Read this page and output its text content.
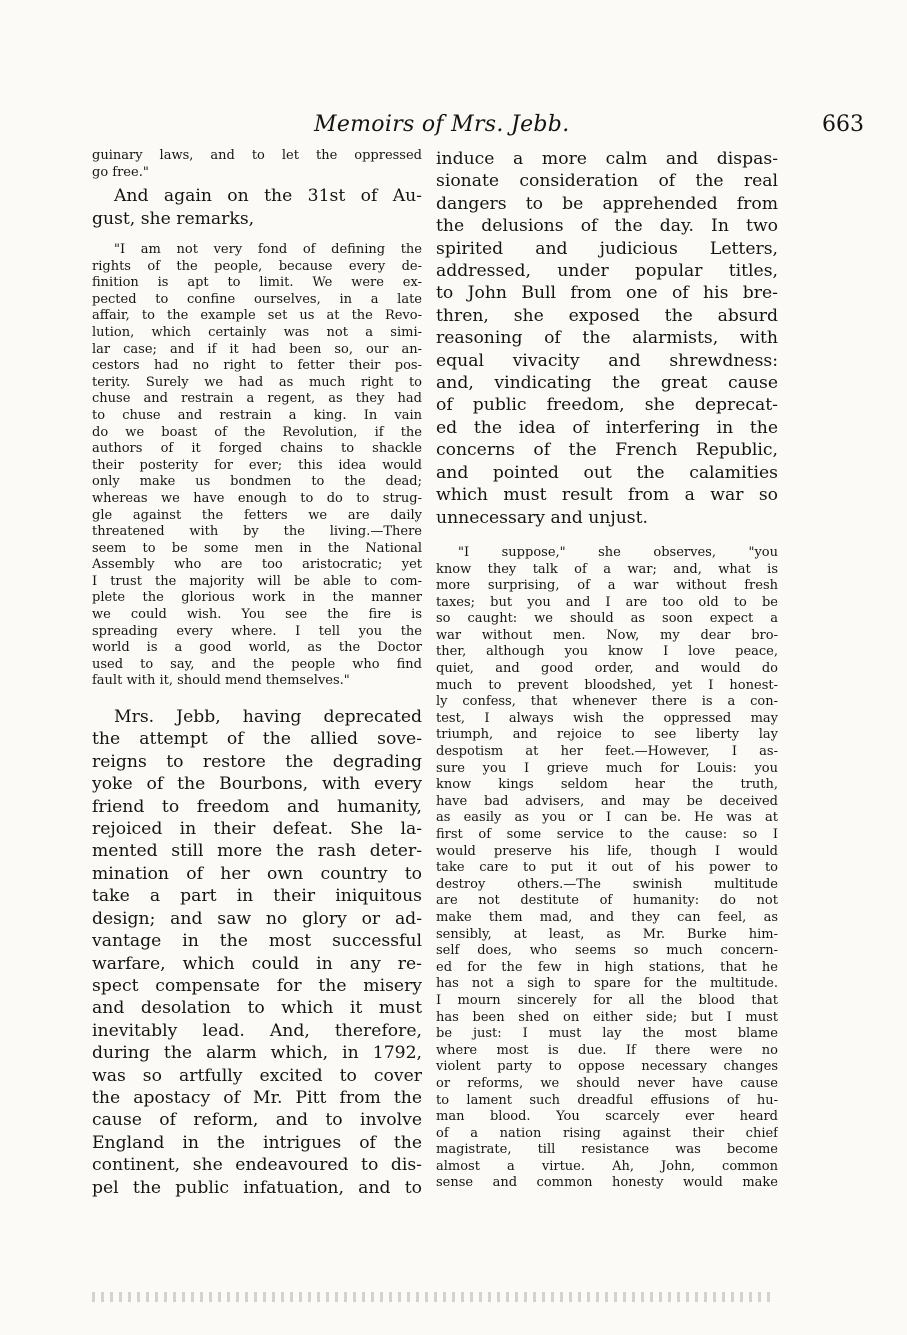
Memoirs of Mrs. Jebb.	663
guinary laws, and to let the oppressed
go free."
And again on the 31st of Au-
gust, she remarks,
"I am not very fond of defining the
rights of the people, because every de-
finition is apt to limit. We were ex-
pected to confine ourselves, in a late
affair, to the example set us at the Revo-
lution, which certainly was not a simi-
lar case; and if it had been so, our an-
cestors had no right to fetter their pos-
terity. Surely we had as much right to
chuse and restrain a regent, as they had
to chuse and restrain a king. In vain
do we boast of the Revolution, if the
authors of it forged chains to shackle
their posterity for ever; this idea would
only make us bondmen to the dead;
whereas we have enough to do to strug-
gle against the fetters we are daily
threatened with by the living.—There
seem to be some men in the National
Assembly who are too aristocratic; yet
I trust the majority will be able to com-
plete the glorious work in the manner
we could wish. You see the fire is
spreading every where. I tell you the
world is a good world, as the Doctor
used to say, and the people who find
fault with it, should mend themselves."
Mrs. Jebb, having deprecated
the attempt of the allied sove-
reigns to restore the degrading
yoke of the Bourbons, with every
friend to freedom and humanity,
rejoiced in their defeat. She la-
mented still more the rash deter-
mination of her own country to
take a part in their iniquitous
design; and saw no glory or ad-
vantage in the most successful
warfare, which could in any re-
spect compensate for the misery
and desolation to which it must
inevitably lead. And, therefore,
during the alarm which, in 1792,
was so artfully excited to cover
the apostacy of Mr. Pitt from the
cause of reform, and to involve
England in the intrigues of the
continent, she endeavoured to dis-
pel the public infatuation, and to
induce a more calm and dispas-
sionate consideration of the real
dangers to be apprehended from
the delusions of the day. In two
spirited and judicious Letters,
addressed, under popular titles,
to John Bull from one of his bre-
thren, she exposed the absurd
reasoning of the alarmists, with
equal vivacity and shrewdness:
and, vindicating the great cause
of public freedom, she deprecat-
ed the idea of interfering in the
concerns of the French Republic,
and pointed out the calamities
which must result from a war so
unnecessary and unjust.
"I suppose," she observes, "you
know they talk of a war; and, what is
more surprising, of a war without fresh
taxes; but you and I are too old to be
so caught: we should as soon expect a
war without men. Now, my dear bro-
ther, although you know I love peace,
quiet, and good order, and would do
much to prevent bloodshed, yet I honest-
ly confess, that whenever there is a con-
test, I always wish the oppressed may
triumph, and rejoice to see liberty lay
despotism at her feet.—However, I as-
sure you I grieve much for Louis: you
know kings seldom hear the truth,
have bad advisers, and may be deceived
as easily as you or I can be. He was at
first of some service to the cause: so I
would preserve his life, though I would
take care to put it out of his power to
destroy others.—The swinish multitude
are not destitute of humanity: do not
make them mad, and they can feel, as
sensibly, at least, as Mr. Burke him-
self does, who seems so much concern-
ed for the few in high stations, that he
has not a sigh to spare for the multitude.
I mourn sincerely for all the blood that
has been shed on either side; but I must
be just: I must lay the most blame
where most is due. If there were no
violent party to oppose necessary changes
or reforms, we should never have cause
to lament such dreadful effusions of hu-
man blood. You scarcely ever heard
of a nation rising against their chief
magistrate, till resistance was become
almost a virtue. Ah, John, common
sense and common honesty would make
